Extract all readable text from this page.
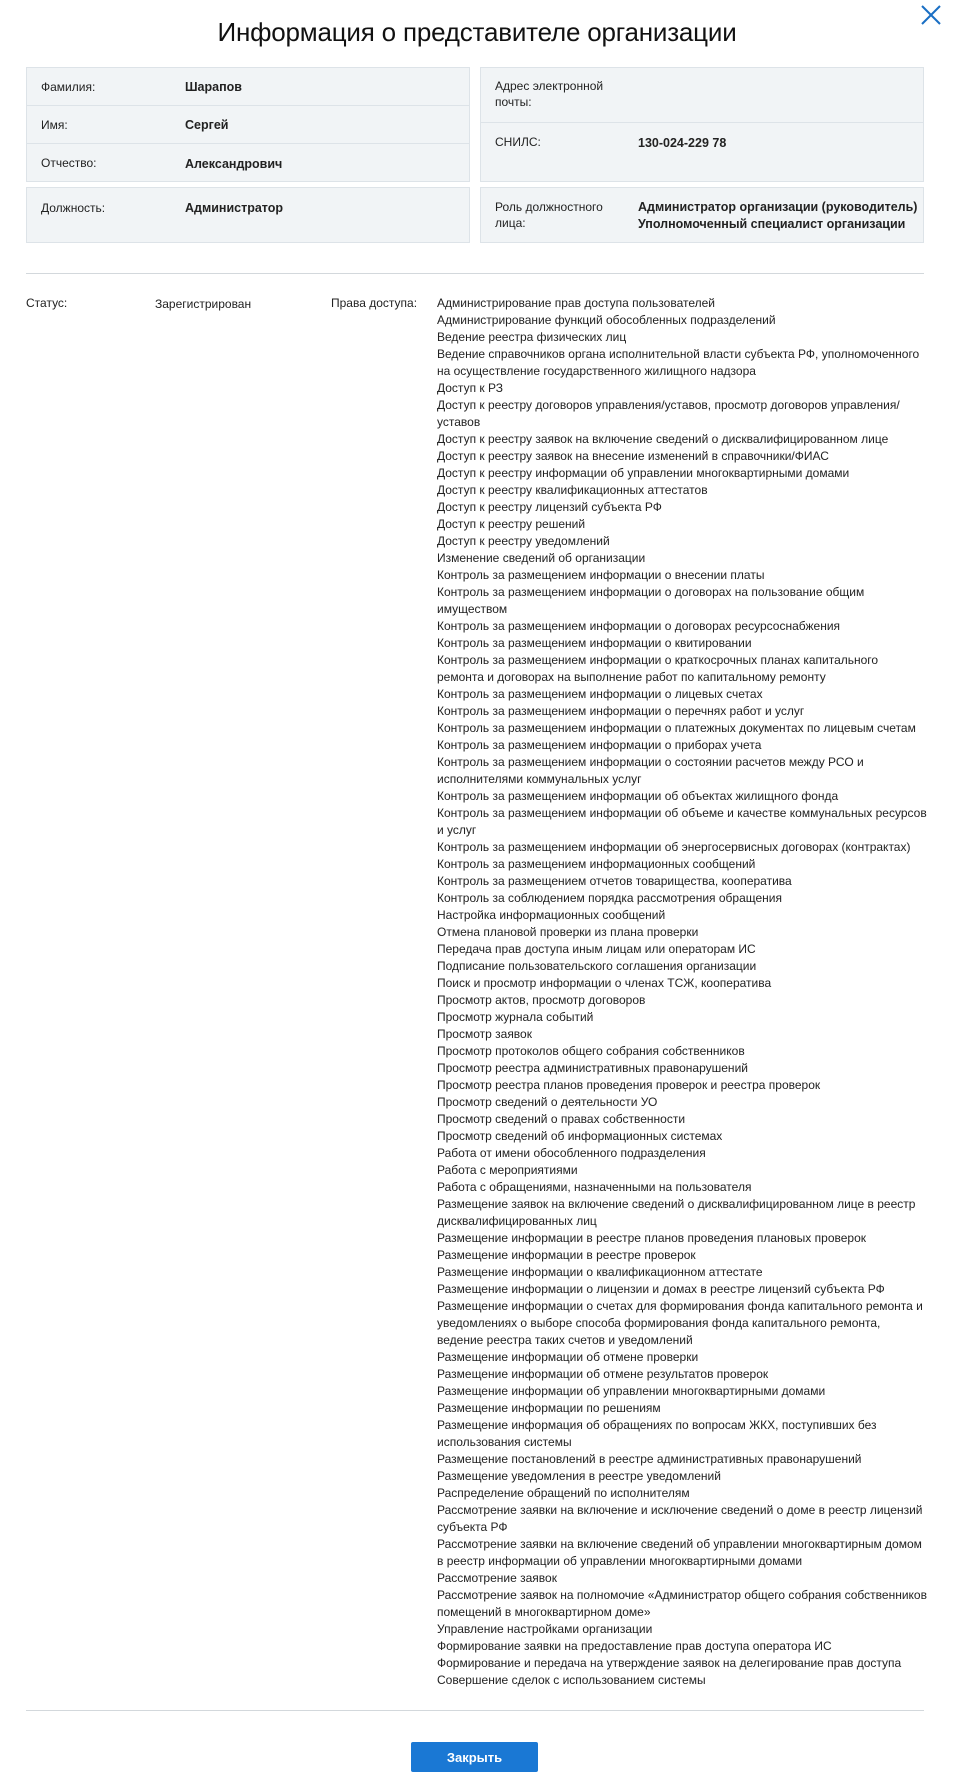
Информация о представителе организации
Фамилия:	Шарапов
Имя:	Сергей
Отчество:	Александрович
Адрес электронной почты:
СНИЛС:	130-024-229 78
Должность:	Администратор	Роль должностного лица:
Администратор организации (руководитель)
Уполномоченный специалист организации
Статус:	Зарегистрирован	Права доступа: Администрирование прав доступа пользователей
Администрирование функций обособленных подразделений
Ведение реестра физических лиц
Ведение справочников органа исполнительной власти субъекта РФ, уполномоченного на осуществление государственного жилищного надзора
Доступ к РЗ
Доступ к реестру договоров управления/уставов, просмотр договоров управления/уставов
Доступ к реестру заявок на включение сведений о дисквалифицированном лице
Доступ к реестру заявок на внесение изменений в справочники/ФИАС
Доступ к реестру информации об управлении многоквартирными домами
Доступ к реестру квалификационных аттестатов
Доступ к реестру лицензий субъекта РФ
Доступ к реестру решений
Доступ к реестру уведомлений
Изменение сведений об организации
Контроль за размещением информации о внесении платы
Контроль за размещением информации о договорах на пользование общим имуществом
Контроль за размещением информации о договорах ресурсоснабжения
Контроль за размещением информации о квитировании
Контроль за размещением информации о краткосрочных планах капитального ремонта и договорах на выполнение работ по капитальному ремонту
Контроль за размещением информации о лицевых счетах
Контроль за размещением информации о перечнях работ и услуг
Контроль за размещением информации о платежных документах по лицевым счетам
Контроль за размещением информации о приборах учета
Контроль за размещением информации о состоянии расчетов между РСО и исполнителями коммунальных услуг
Контроль за размещением информации об объектах жилищного фонда
Контроль за размещением информации об объеме и качестве коммунальных ресурсов и услуг
Контроль за размещением информации об энергосервисных договорах (контрактах)
Контроль за размещением информационных сообщений
Контроль за размещением отчетов товарищества, кооператива
Контроль за соблюдением порядка рассмотрения обращения
Настройка информационных сообщений
Отмена плановой проверки из плана проверки
Передача прав доступа иным лицам или операторам ИС
Подписание пользовательского соглашения организации
Поиск и просмотр информации о членах ТСЖ, кооператива
Просмотр актов, просмотр договоров
Просмотр журнала событий
Просмотр заявок
Просмотр протоколов общего собрания собственников
Просмотр реестра административных правонарушений
Просмотр реестра планов проведения проверок и реестра проверок
Просмотр сведений о деятельности УО
Просмотр сведений о правах собственности
Просмотр сведений об информационных системах
Работа от имени обособленного подразделения
Работа с мероприятиями
Работа с обращениями, назначенными на пользователя
Размещение заявок на включение сведений о дисквалифицированном лице в реестр дисквалифицированных лиц
Размещение информации в реестре планов проведения плановых проверок
Размещение информации в реестре проверок
Размещение информации о квалификационном аттестате
Размещение информации о лицензии и домах в реестре лицензий субъекта РФ
Размещение информации о счетах для формирования фонда капитального ремонта и уведомлениях о выборе способа формирования фонда капитального ремонта, ведение реестра таких счетов и уведомлений
Размещение информации об отмене проверки
Размещение информации об отмене результатов проверок
Размещение информации об управлении многоквартирными домами
Размещение информации по решениям
Размещение информация об обращениях по вопросам ЖКХ, поступивших без использования системы
Размещение постановлений в реестре административных правонарушений
Размещение уведомления в реестре уведомлений
Распределение обращений по исполнителям
Рассмотрение заявки на включение и исключение сведений о доме в реестр лицензий субъекта РФ
Рассмотрение заявки на включение сведений об управлении многоквартирным домом в реестр информации об управлении многоквартирными домами
Рассмотрение заявок
Рассмотрение заявок на полномочие «Администратор общего собрания собственников помещений в многоквартирном доме»
Управление настройками организации
Формирование заявки на предоставление прав доступа оператора ИС
Формирование и передача на утверждение заявок на делегирование прав доступа
Совершение сделок с использованием системы
Закрыть
